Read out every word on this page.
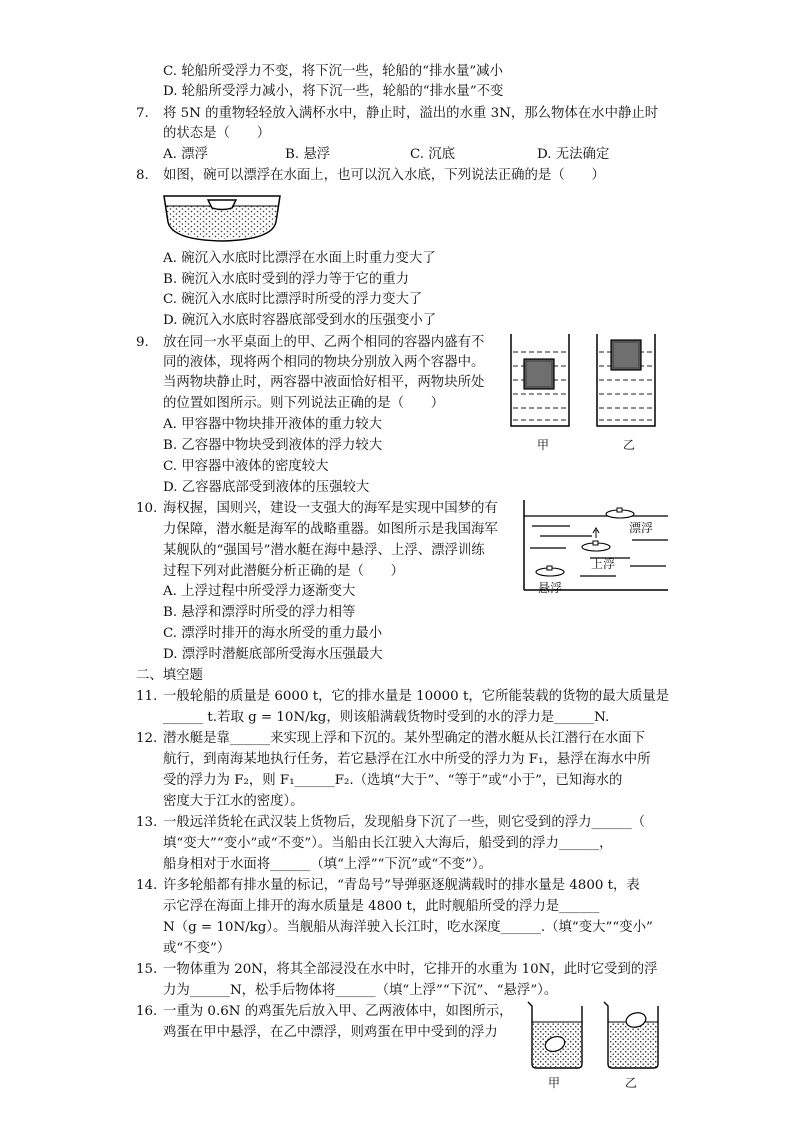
C. 轮船所受浮力不变，将下沉一些，轮船的“排水量”减小
D. 轮船所受浮力减小，将下沉一些，轮船的“排水量”不变
7. 将 5N 的重物轻轻放入满杯水中，静止时，溢出的水重 3N，那么物体在水中静止时
的状态是（　　）
A. 漂浮	B. 悬浮	C. 沉底	D. 无法确定
8. 如图，碗可以漂浮在水面上，也可以沉入水底，下列说法正确的是（　　）
A. 碗沉入水底时比漂浮在水面上时重力变大了
B. 碗沉入水底时受到的浮力等于它的重力
C. 碗沉入水底时比漂浮时所受的浮力变大了
D. 碗沉入水底时容器底部受到水的压强变小了
9. 放在同一水平桌面上的甲、乙两个相同的容器内盛有不
同的液体，现将两个相同的物块分别放入两个容器中。
当两物块静止时，两容器中液面恰好相平，两物块所处
的位置如图所示。则下列说法正确的是（　　）
A. 甲容器中物块排开液体的重力较大
B. 乙容器中物块受到液体的浮力较大
C. 甲容器中液体的密度较大
D. 乙容器底部受到液体的压强较大
甲	乙
10. 海权握，国则兴，建设一支强大的海军是实现中国梦的有
力保障，潜水艇是海军的战略重器。如图所示是我国海军
某舰队的“强国号”潜水艇在海中悬浮、上浮、漂浮训练
过程下列对此潜艇分析正确的是（　　）
A. 上浮过程中所受浮力逐渐变大
B. 悬浮和漂浮时所受的浮力相等
C. 漂浮时排开的海水所受的重力最小
D. 漂浮时潜艇底部所受海水压强最大
漂浮
上浮
悬浮
二、填空题
11. 一般轮船的质量是 6000 t，它的排水量是 10000 t，它所能装载的货物的最大质量是
______ t.若取 g = 10N/kg，则该船满载货物时受到的水的浮力是______N.
12. 潜水艇是靠______来实现上浮和下沉的。某外型确定的潜水艇从长江潜行在水面下
航行，到南海某地执行任务，若它悬浮在江水中所受的浮力为 F₁，悬浮在海水中所
受的浮力为 F₂，则 F₁______F₂.（选填“大于”、“等于”或“小于”，已知海水的
密度大于江水的密度）。
13. 一般远洋货轮在武汉装上货物后，发现船身下沉了一些，则它受到的浮力______（
填“变大”“变小”或“不变”）。当船由长江驶入大海后，船受到的浮力______，
船身相对于水面将______（填“上浮”“下沉”或“不变”）。
14. 许多轮船都有排水量的标记，“青岛号”导弹驱逐舰满载时的排水量是 4800 t，表
示它浮在海面上排开的海水质量是 4800 t，此时舰船所受的浮力是______
N（g = 10N/kg）。当舰船从海洋驶入长江时，吃水深度______.（填“变大”“变小”
或“不变”）
15. 一物体重为 20N，将其全部浸没在水中时，它排开的水重为 10N，此时它受到的浮
力为______N，松手后物体将______（填“上浮”“下沉”、“悬浮”）。
16. 一重为 0.6N 的鸡蛋先后放入甲、乙两液体中，如图所示，
鸡蛋在甲中悬浮，在乙中漂浮，则鸡蛋在甲中受到的浮力
甲	乙
